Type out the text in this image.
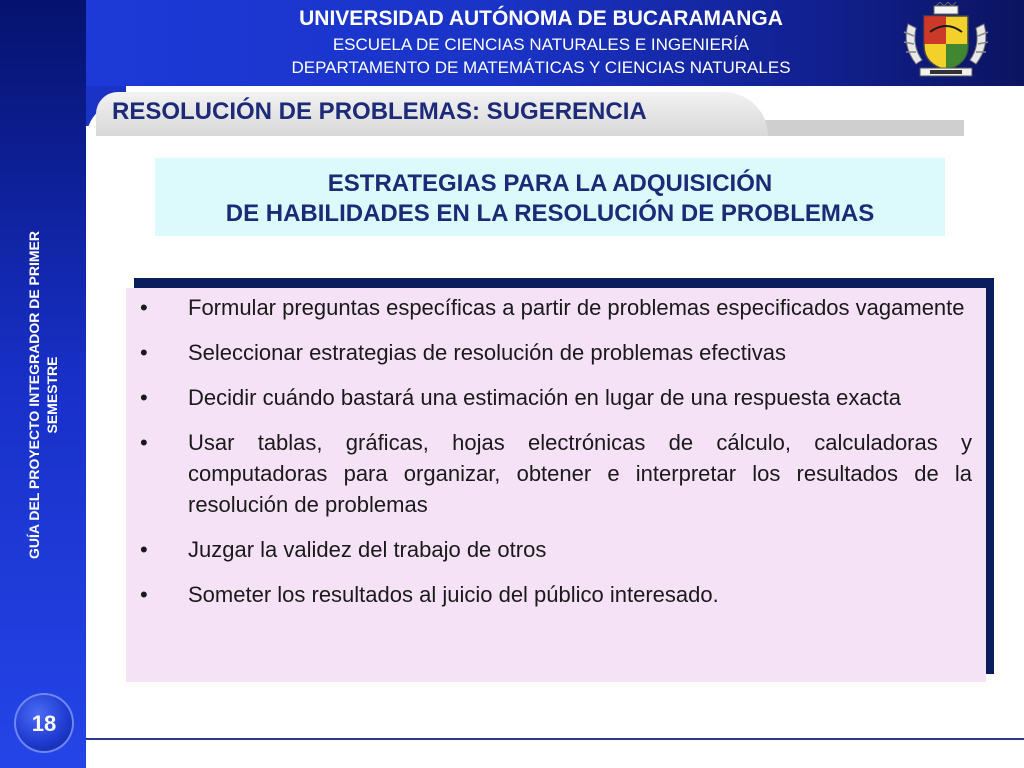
UNIVERSIDAD AUTÓNOMA DE BUCARAMANGA
ESCUELA DE CIENCIAS NATURALES E INGENIERÍA
DEPARTAMENTO DE MATEMÁTICAS Y CIENCIAS NATURALES
RESOLUCIÓN DE PROBLEMAS: SUGERENCIA
GUÍA DEL PROYECTO INTEGRADOR DE PRIMER SEMESTRE
ESTRATEGIAS PARA LA ADQUISICIÓN
DE HABILIDADES EN LA RESOLUCIÓN DE PROBLEMAS
• Formular preguntas específicas a partir de problemas especificados vagamente
• Seleccionar estrategias de resolución de problemas efectivas
• Decidir cuándo bastará una estimación en lugar de una respuesta exacta
• Usar tablas, gráficas, hojas electrónicas de cálculo, calculadoras y computadoras para organizar, obtener e interpretar los resultados de la resolución de problemas
• Juzgar la validez del trabajo de otros
• Someter los resultados al juicio del público interesado.
18
